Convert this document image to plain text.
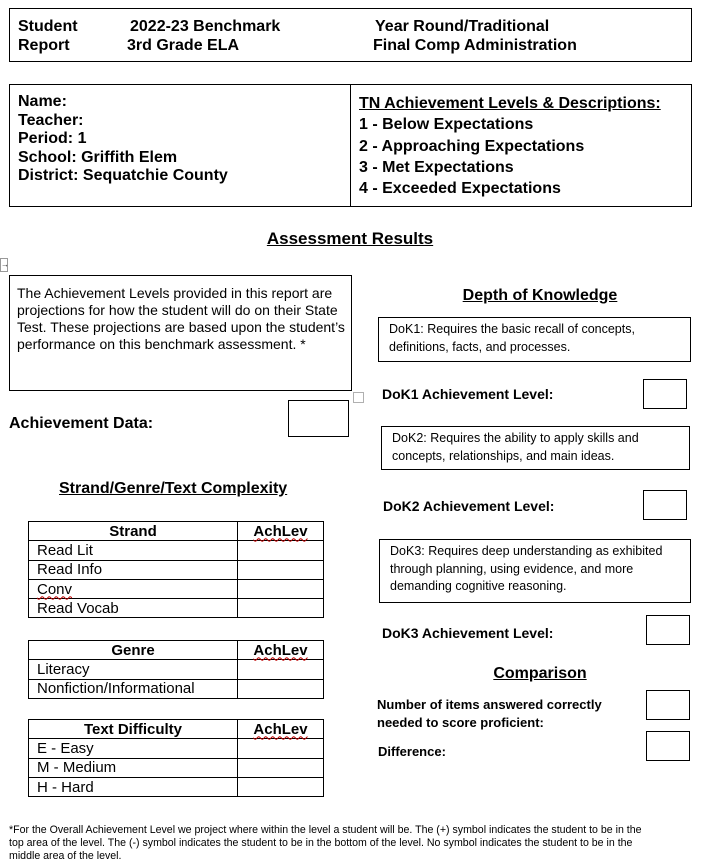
Student
Report
2022-23 Benchmark
3rd Grade ELA
Year Round/Traditional
Final Comp Administration
Name:
Teacher:
Period: 1
School: Griffith Elem
District: Sequatchie County
TN Achievement Levels & Descriptions:
1 - Below Expectations
2 - Approaching Expectations
3 - Met Expectations
4 - Exceeded Expectations
Assessment Results
→
The Achievement Levels provided in this report are projections for how the student will do on their State Test. These projections are based upon the student’s performance on this benchmark assessment. *
Achievement Data:
Strand/Genre/Text Complexity
Strand	AchLev
Read Lit	
Read Info	
Conv	
Read Vocab	
Genre	AchLev
Literacy	
Nonfiction/Informational	
Text Difficulty	AchLev
E - Easy	
M - Medium	
H - Hard	
Depth of Knowledge
DoK1: Requires the basic recall of concepts, definitions, facts, and processes.
DoK1 Achievement Level:
DoK2: Requires the ability to apply skills and concepts, relationships, and main ideas.
DoK2 Achievement Level:
DoK3: Requires deep understanding as exhibited through planning, using evidence, and more demanding cognitive reasoning.
DoK3 Achievement Level:
Comparison
Number of items answered correctly needed to score proficient:
Difference:
*For the Overall Achievement Level we project where within the level a student will be. The (+) symbol indicates the student to be in the top area of the level. The (-) symbol indicates the student to be in the bottom of the level. No symbol indicates the student to be in the middle area of the level.
